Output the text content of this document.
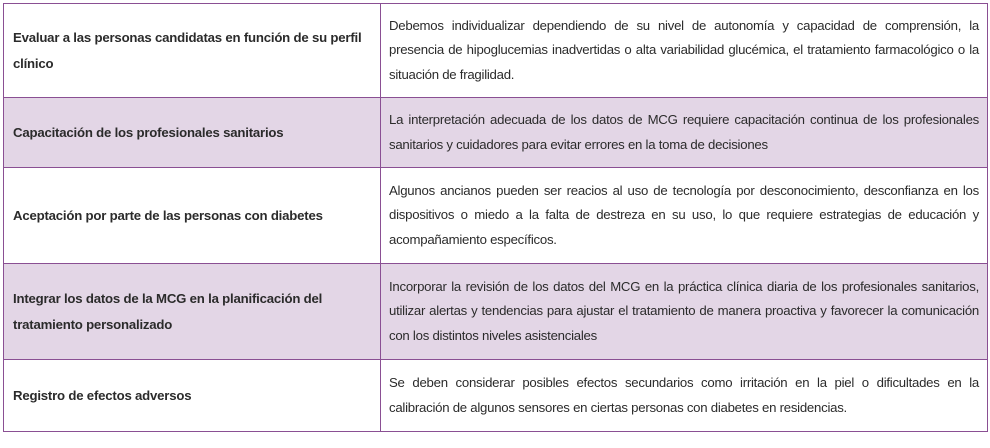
Evaluar a las personas candidatas en función de su perfil clínico	Debemos individualizar dependiendo de su nivel de autonomía y capacidad de comprensión, la presencia de hipoglucemias inadvertidas o alta variabilidad glucémica, el tratamiento farmacológico o la situación de fragilidad.
Capacitación de los profesionales sanitarios	La interpretación adecuada de los datos de MCG requiere capacitación continua de los profesionales sanitarios y cuidadores para evitar errores en la toma de decisiones
Aceptación por parte de las personas con diabetes	Algunos ancianos pueden ser reacios al uso de tecnología por desconocimiento, desconfianza en los dispositivos o miedo a la falta de destreza en su uso, lo que requiere estrategias de educación y acompañamiento específicos.
Integrar los datos de la MCG en la planificación del tratamiento personalizado	Incorporar la revisión de los datos del MCG en la práctica clínica diaria de los profesionales sanitarios, utilizar alertas y tendencias para ajustar el tratamiento de manera proactiva y favorecer la comunicación con los distintos niveles asistenciales
Registro de efectos adversos	Se deben considerar posibles efectos secundarios como irritación en la piel o dificultades en la calibración de algunos sensores en ciertas personas con diabetes en residencias.
